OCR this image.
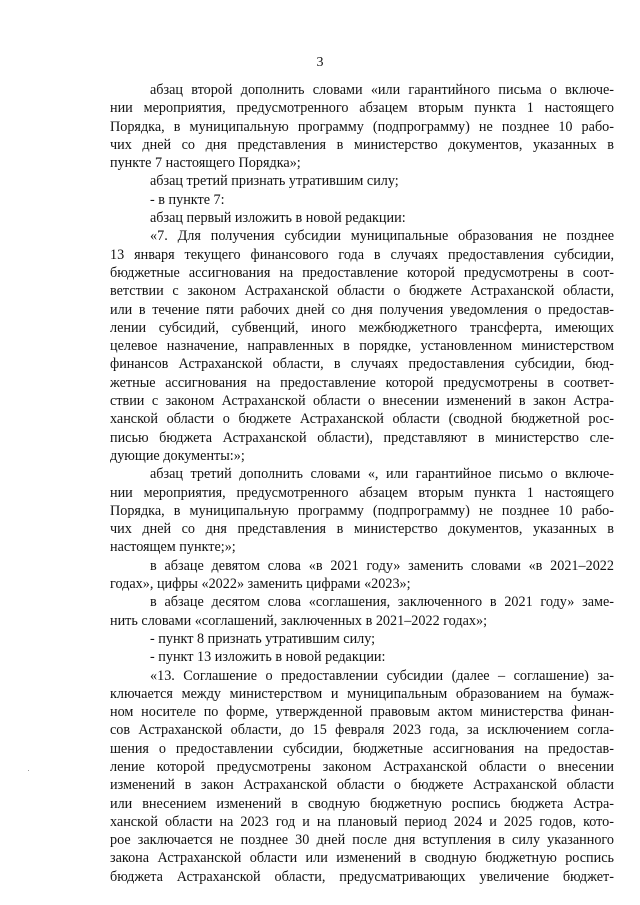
3
абзац второй дополнить словами «или гарантийного письма о включе-
нии мероприятия, предусмотренного абзацем вторым пункта 1 настоящего
Порядка, в муниципальную программу (подпрограмму) не позднее 10 рабо-
чих дней со дня представления в министерство документов, указанных в
пункте 7 настоящего Порядка»;
абзац третий признать утратившим силу;
- в пункте 7:
абзац первый изложить в новой редакции:
«7. Для получения субсидии муниципальные образования не позднее
13 января текущего финансового года в случаях предоставления субсидии,
бюджетные ассигнования на предоставление которой предусмотрены в соот-
ветствии с законом Астраханской области о бюджете Астраханской области,
или в течение пяти рабочих дней со дня получения уведомления о предостав-
лении субсидий, субвенций, иного межбюджетного трансферта, имеющих
целевое назначение, направленных в порядке, установленном министерством
финансов Астраханской области, в случаях предоставления субсидии, бюд-
жетные ассигнования на предоставление которой предусмотрены в соответ-
ствии с законом Астраханской области о внесении изменений в закон Астра-
ханской области о бюджете Астраханской области (сводной бюджетной рос-
писью бюджета Астраханской области), представляют в министерство сле-
дующие документы:»;
абзац третий дополнить словами «, или гарантийное письмо о включе-
нии мероприятия, предусмотренного абзацем вторым пункта 1 настоящего
Порядка, в муниципальную программу (подпрограмму) не позднее 10 рабо-
чих дней со дня представления в министерство документов, указанных в
настоящем пункте;»;
в абзаце девятом слова «в 2021 году» заменить словами «в 2021–2022
годах», цифры «2022» заменить цифрами «2023»;
в абзаце десятом слова «соглашения, заключенного в 2021 году» заме-
нить словами «соглашений, заключенных в 2021–2022 годах»;
- пункт 8 признать утратившим силу;
- пункт 13 изложить в новой редакции:
«13. Соглашение о предоставлении субсидии (далее – соглашение) за-
ключается между министерством и муниципальным образованием на бумаж-
ном носителе по форме, утвержденной правовым актом министерства финан-
сов Астраханской области, до 15 февраля 2023 года, за исключением согла-
шения о предоставлении субсидии, бюджетные ассигнования на предостав-
ление которой предусмотрены законом Астраханской области о внесении
изменений в закон Астраханской области о бюджете Астраханской области
или внесением изменений в сводную бюджетную роспись бюджета Астра-
ханской области на 2023 год и на плановый период 2024 и 2025 годов, кото-
рое заключается не позднее 30 дней после дня вступления в силу указанного
закона Астраханской области или изменений в сводную бюджетную роспись
бюджета Астраханской области, предусматривающих увеличение бюджет-
